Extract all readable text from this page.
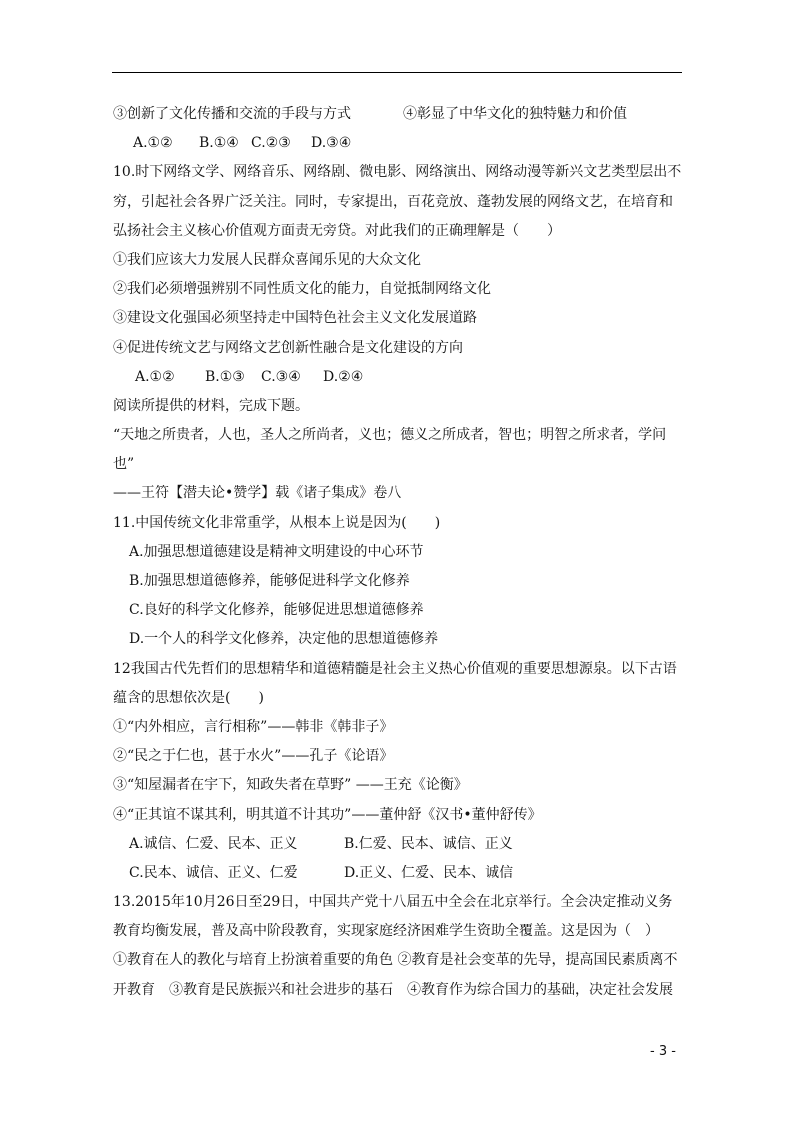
③创新了文化传播和交流的手段与方式	④彰显了中华文化的独特魅力和价值
A.①② B.①④ C.②③ D.③④
10.时下网络文学、网络音乐、网络剧、微电影、网络演出、网络动漫等新兴文艺类型层出不
穷，引起社会各界广泛关注。同时，专家提出，百花竞放、蓬勃发展的网络文艺，在培育和
弘扬社会主义核心价值观方面责无旁贷。对此我们的正确理解是（　　）
①我们应该大力发展人民群众喜闻乐见的大众文化
②我们必须增强辨别不同性质文化的能力，自觉抵制网络文化
③建设文化强国必须坚持走中国特色社会主义文化发展道路
④促进传统文艺与网络文艺创新性融合是文化建设的方向
A.①② B.①③ C.③④ D.②④
阅读所提供的材料，完成下题。
“天地之所贵者，人也，圣人之所尚者，义也；德义之所成者，智也；明智之所求者，学问
也”
——王符【潜夫论•赞学】载《诸子集成》卷八
11.中国传统文化非常重学，从根本上说是因为(　　)
A.加强思想道德建设是精神文明建设的中心环节
B.加强思想道德修养，能够促进科学文化修养
C.良好的科学文化修养，能够促进思想道德修养
D.一个人的科学文化修养，决定他的思想道德修养
12我国古代先哲们的思想精华和道德精髓是社会主义热心价值观的重要思想源泉。以下古语
蕴含的思想依次是(　　)
①“内外相应，言行相称”——韩非《韩非子》
②“民之于仁也，甚于水火”——孔子《论语》
③“知屋漏者在宇下，知政失者在草野” ——王充《论衡》
④“正其谊不谋其利，明其道不计其功”——董仲舒《汉书•董仲舒传》
A.诚信、仁爱、民本、正义	B.仁爱、民本、诚信、正义
C.民本、诚信、正义、仁爱	D.正义、仁爱、民本、诚信
13.2015年10月26日至29日，中国共产党十八届五中全会在北京举行。全会决定推动义务
教育均衡发展，普及高中阶段教育，实现家庭经济困难学生资助全覆盖。这是因为（　）
①教育在人的教化与培育上扮演着重要的角色 ②教育是社会变革的先导，提高国民素质离不
开教育　③教育是民族振兴和社会进步的基石　④教育作为综合国力的基础，决定社会发展
- 3 -
